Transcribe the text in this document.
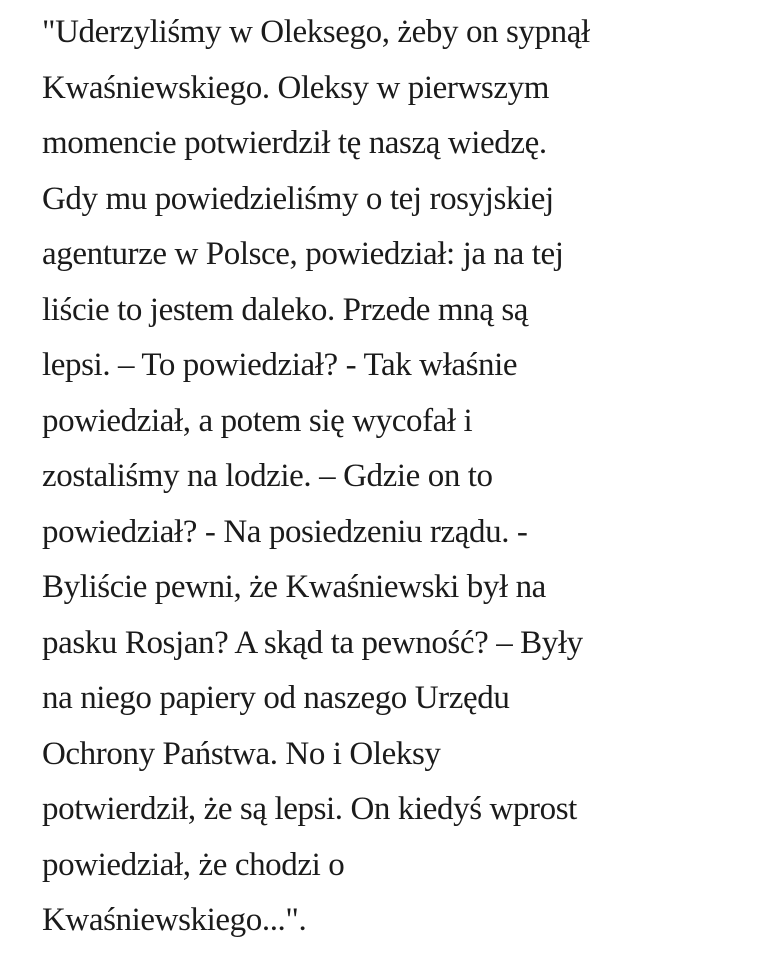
"Uderzyliśmy w Oleksego, żeby on sypnął
Kwaśniewskiego. Oleksy w pierwszym
momencie potwierdził tę naszą wiedzę.
Gdy mu powiedzieliśmy o tej rosyjskiej
agenturze w Polsce, powiedział: ja na tej
liście to jestem daleko. Przede mną są
lepsi. – To powiedział? - Tak właśnie
powiedział, a potem się wycofał i
zostaliśmy na lodzie. – Gdzie on to
powiedział? - Na posiedzeniu rządu. -
Byliście pewni, że Kwaśniewski był na
pasku Rosjan? A skąd ta pewność? – Były
na niego papiery od naszego Urzędu
Ochrony Państwa. No i Oleksy
potwierdził, że są lepsi. On kiedyś wprost
powiedział, że chodzi o
Kwaśniewskiego...".
